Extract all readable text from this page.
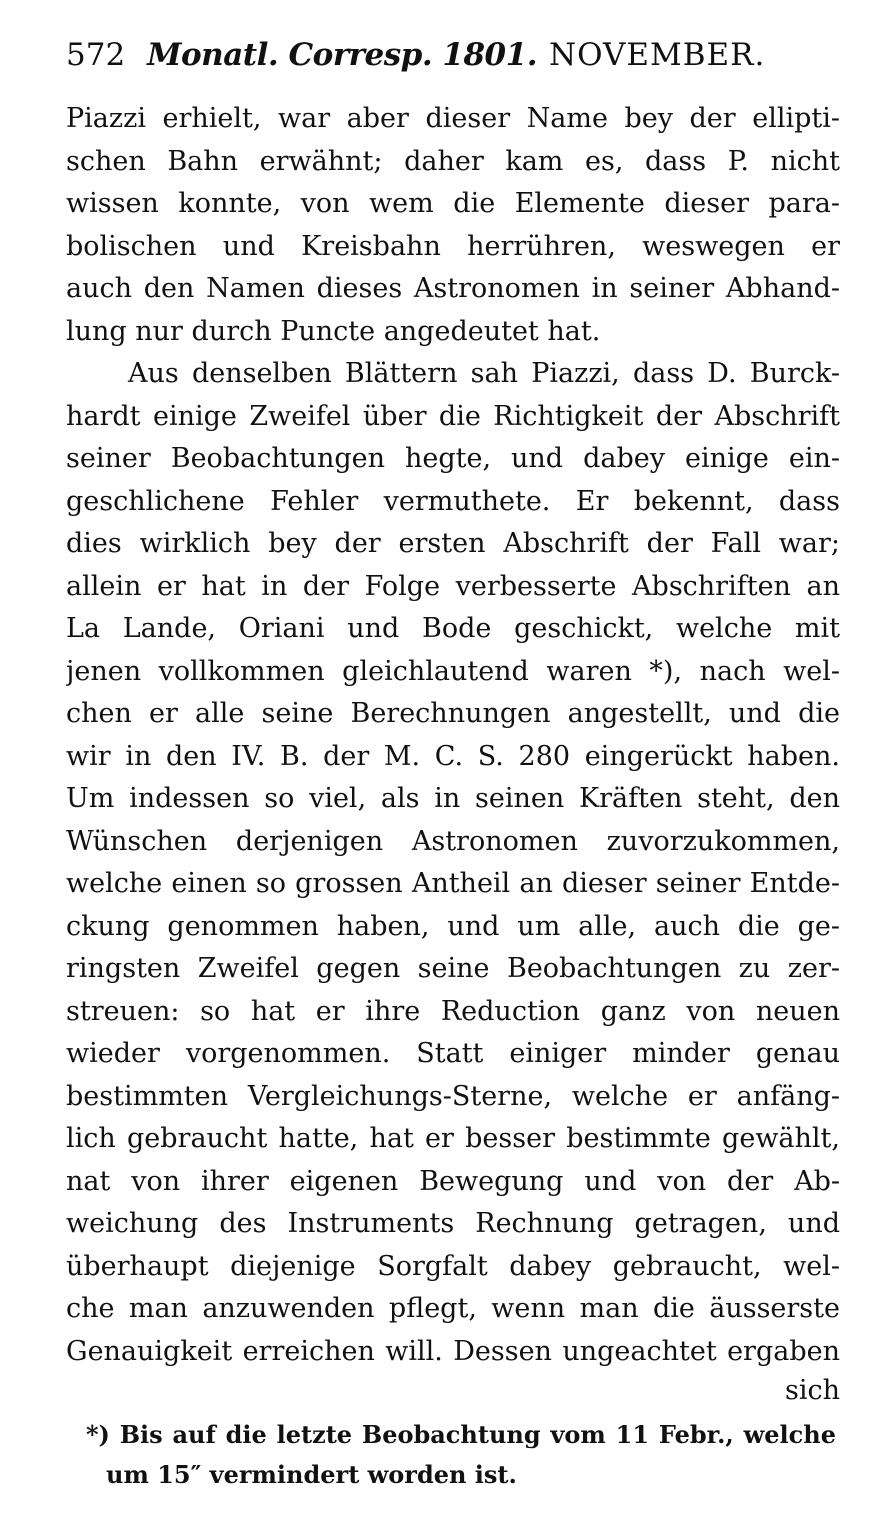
572 Monatl. Corresp. 1801. NOVEMBER.
Piazzi erhielt, war aber dieser Name bey der ellipti-
schen Bahn erwähnt; daher kam es, dass P. nicht
wissen konnte, von wem die Elemente dieser para-
bolischen und Kreisbahn herrühren, weswegen er
auch den Namen dieses Astronomen in seiner Abhand-
lung nur durch Puncte angedeutet hat.
Aus denselben Blättern sah Piazzi, dass D. Burck-
hardt einige Zweifel über die Richtigkeit der Abschrift
seiner Beobachtungen hegte, und dabey einige ein-
geschlichene Fehler vermuthete. Er bekennt, dass
dies wirklich bey der ersten Abschrift der Fall war;
allein er hat in der Folge verbesserte Abschriften an
La Lande, Oriani und Bode geschickt, welche mit
jenen vollkommen gleichlautend waren *), nach wel-
chen er alle seine Berechnungen angestellt, und die
wir in den IV. B. der M. C. S. 280 eingerückt haben.
Um indessen so viel, als in seinen Kräften steht, den
Wünschen derjenigen Astronomen zuvorzukommen,
welche einen so grossen Antheil an dieser seiner Entde-
ckung genommen haben, und um alle, auch die ge-
ringsten Zweifel gegen seine Beobachtungen zu zer-
streuen: so hat er ihre Reduction ganz von neuen
wieder vorgenommen. Statt einiger minder genau
bestimmten Vergleichungs-Sterne, welche er anfäng-
lich gebraucht hatte, hat er besser bestimmte gewählt,
nat von ihrer eigenen Bewegung und von der Ab-
weichung des Instruments Rechnung getragen, und
überhaupt diejenige Sorgfalt dabey gebraucht, wel-
che man anzuwenden pflegt, wenn man die äusserste
Genauigkeit erreichen will. Dessen ungeachtet ergaben
sich
*) Bis auf die letzte Beobachtung vom 11 Febr., welche
um 15″ vermindert worden ist.
